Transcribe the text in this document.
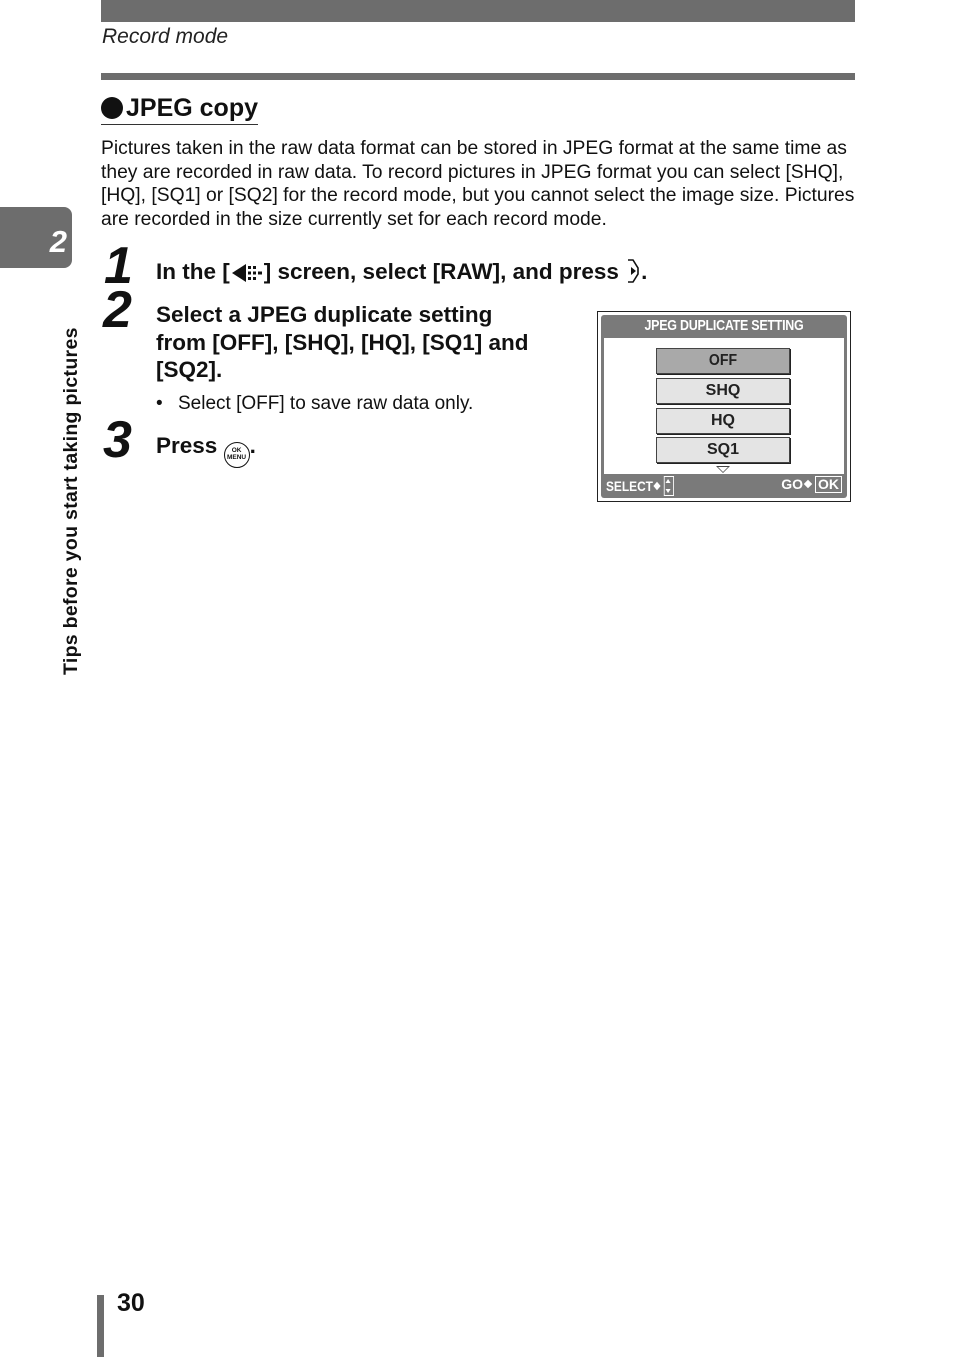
Record mode
JPEG copy

Pictures taken in the raw data format can be stored in JPEG format at the same time as they are recorded in raw data. To record pictures in JPEG format you can select [SHQ], [HQ], [SQ1] or [SQ2] for the record mode, but you cannot select the image size. Pictures are recorded in the size currently set for each record mode.

2
Tips before you start taking pictures
1 In the [ ] screen, select [RAW], and press .

2 Select a JPEG duplicate setting from [OFF], [SHQ], [HQ], [SQ1] and [SQ2].

• Select [OFF] to save raw data only.
3 Press OK
MENU .

JPEG DUPLICATE SETTING
OFF
SHQ
HQ
SQ1
SELECT	GO OK
30
